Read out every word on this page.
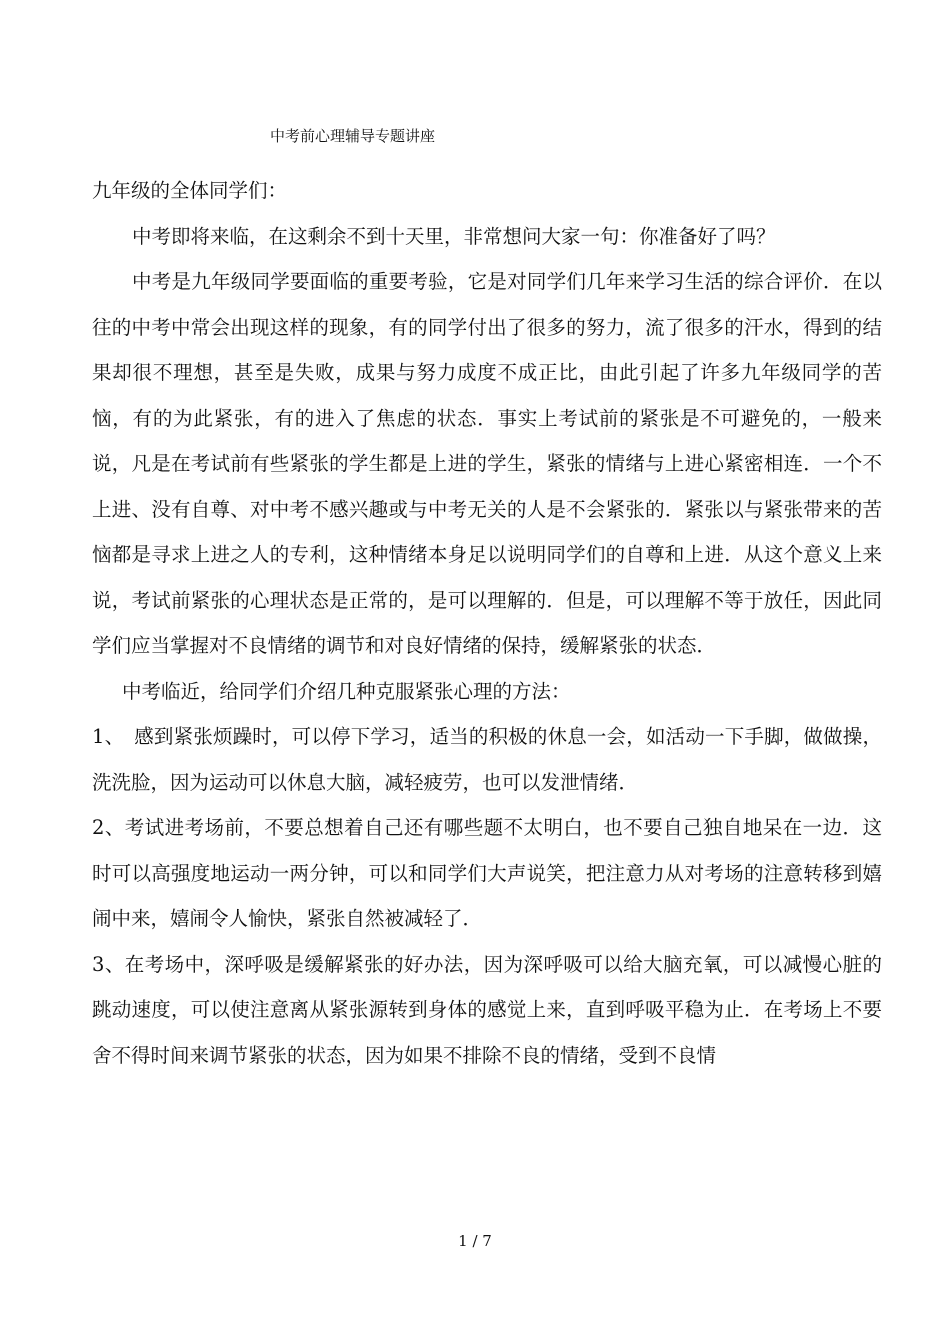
中考前心理辅导专题讲座

九年级的全体同学们：

中考即将来临，在这剩余不到十天里，非常想问大家一句：你准备好了吗？

中考是九年级同学要面临的重要考验，它是对同学们几年来学习生活的综合评价．在以往的中考中常会出现这样的现象，有的同学付出了很多的努力，流了很多的汗水，得到的结果却很不理想，甚至是失败，成果与努力成度不成正比，由此引起了许多九年级同学的苦恼，有的为此紧张，有的进入了焦虑的状态．事实上考试前的紧张是不可避免的，一般来说，凡是在考试前有些紧张的学生都是上进的学生，紧张的情绪与上进心紧密相连．一个不上进、没有自尊、对中考不感兴趣或与中考无关的人是不会紧张的．紧张以与紧张带来的苦恼都是寻求上进之人的专利，这种情绪本身足以说明同学们的自尊和上进．从这个意义上来说，考试前紧张的心理状态是正常的，是可以理解的．但是，可以理解不等于放任，因此同学们应当掌握对不良情绪的调节和对良好情绪的保持，缓解紧张的状态．

中考临近，给同学们介绍几种克服紧张心理的方法：

1、　感到紧张烦躁时，可以停下学习，适当的积极的休息一会，如活动一下手脚，做做操，洗洗脸，因为运动可以休息大脑，减轻疲劳，也可以发泄情绪．

2、考试进考场前，不要总想着自己还有哪些题不太明白，也不要自己独自地呆在一边．这时可以高强度地运动一两分钟，可以和同学们大声说笑，把注意力从对考场的注意转移到嬉闹中来，嬉闹令人愉快，紧张自然被减轻了．

3、在考场中，深呼吸是缓解紧张的好办法，因为深呼吸可以给大脑充氧，可以减慢心脏的跳动速度，可以使注意离从紧张源转到身体的感觉上来，直到呼吸平稳为止．在考场上不要舍不得时间来调节紧张的状态，因为如果不排除不良的情绪，受到不良情

1 / 7
